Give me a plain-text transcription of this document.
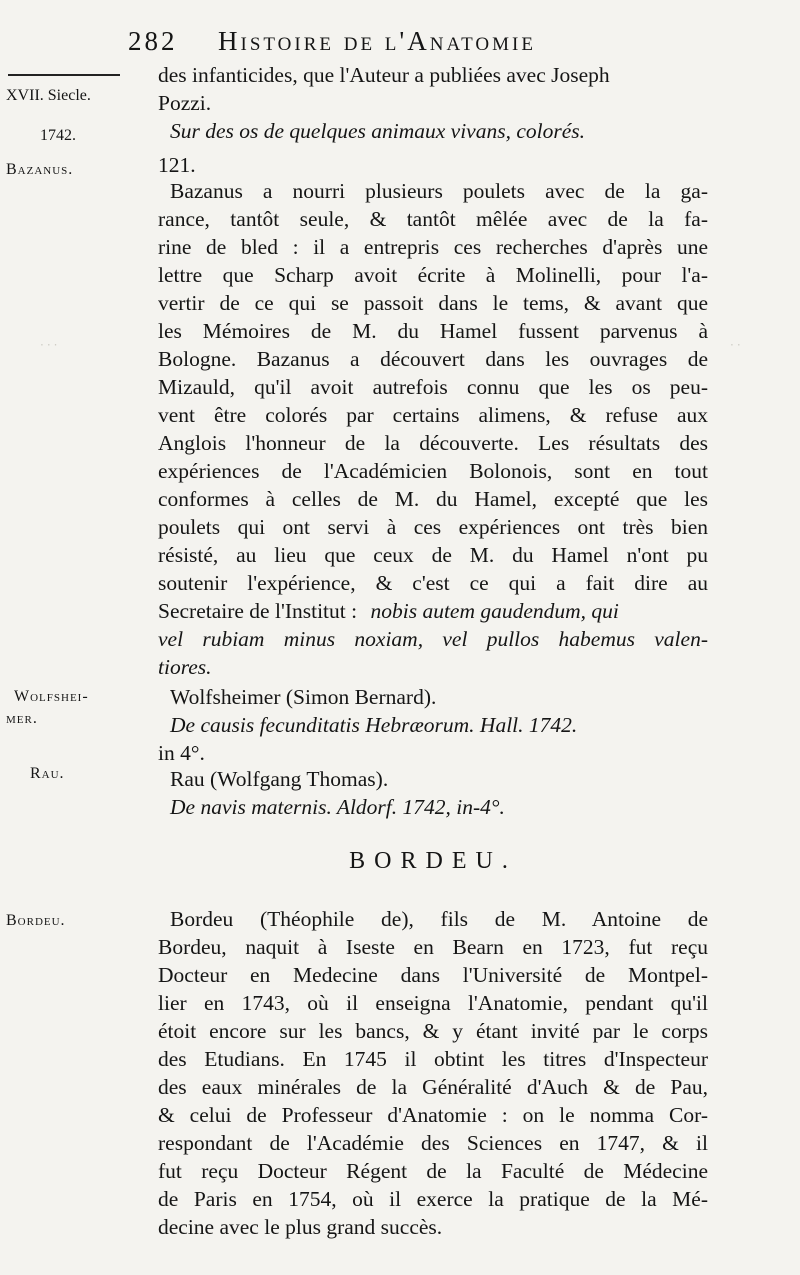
⋅ ⋅ ⋅	⋅ ⋅
282 Histoire de l'Anatomie
XVII. Siecle.
1742.
Bazanus.
Wolfshei-
mer.
Rau.
Bordeu.
des infanticides, que l'Auteur a publiées avec Joseph
Pozzi.
Sur des os de quelques animaux vivans, colorés.
121.
Bazanus a nourri plusieurs poulets avec de la ga-
rance, tantôt seule, & tantôt mêlée avec de la fa-
rine de bled : il a entrepris ces recherches d'après une
lettre que Scharp avoit écrite à Molinelli, pour l'a-
vertir de ce qui se passoit dans le tems, & avant que
les Mémoires de M. du Hamel fussent parvenus à
Bologne. Bazanus a découvert dans les ouvrages de
Mizauld, qu'il avoit autrefois connu que les os peu-
vent être colorés par certains alimens, & refuse aux
Anglois l'honneur de la découverte. Les résultats des
expériences de l'Académicien Bolonois, sont en tout
conformes à celles de M. du Hamel, excepté que les
poulets qui ont servi à ces expériences ont très bien
résisté, au lieu que ceux de M. du Hamel n'ont pu
soutenir l'expérience, & c'est ce qui a fait dire au
Secretaire de l'Institut : nobis autem gaudendum, qui
vel rubiam minus noxiam, vel pullos habemus valen-
tiores.
Wolfsheimer (Simon Bernard).
De causis fecunditatis Hebræorum. Hall. 1742.
in 4°.
Rau (Wolfgang Thomas).
De navis maternis. Aldorf. 1742, in-4°.
BORDEU.
Bordeu (Théophile de), fils de M. Antoine de
Bordeu, naquit à Iseste en Bearn en 1723, fut reçu
Docteur en Medecine dans l'Université de Montpel-
lier en 1743, où il enseigna l'Anatomie, pendant qu'il
étoit encore sur les bancs, & y étant invité par le corps
des Etudians. En 1745 il obtint les titres d'Inspecteur
des eaux minérales de la Généralité d'Auch & de Pau,
& celui de Professeur d'Anatomie : on le nomma Cor-
respondant de l'Académie des Sciences en 1747, & il
fut reçu Docteur Régent de la Faculté de Médecine
de Paris en 1754, où il exerce la pratique de la Mé-
decine avec le plus grand succès.
